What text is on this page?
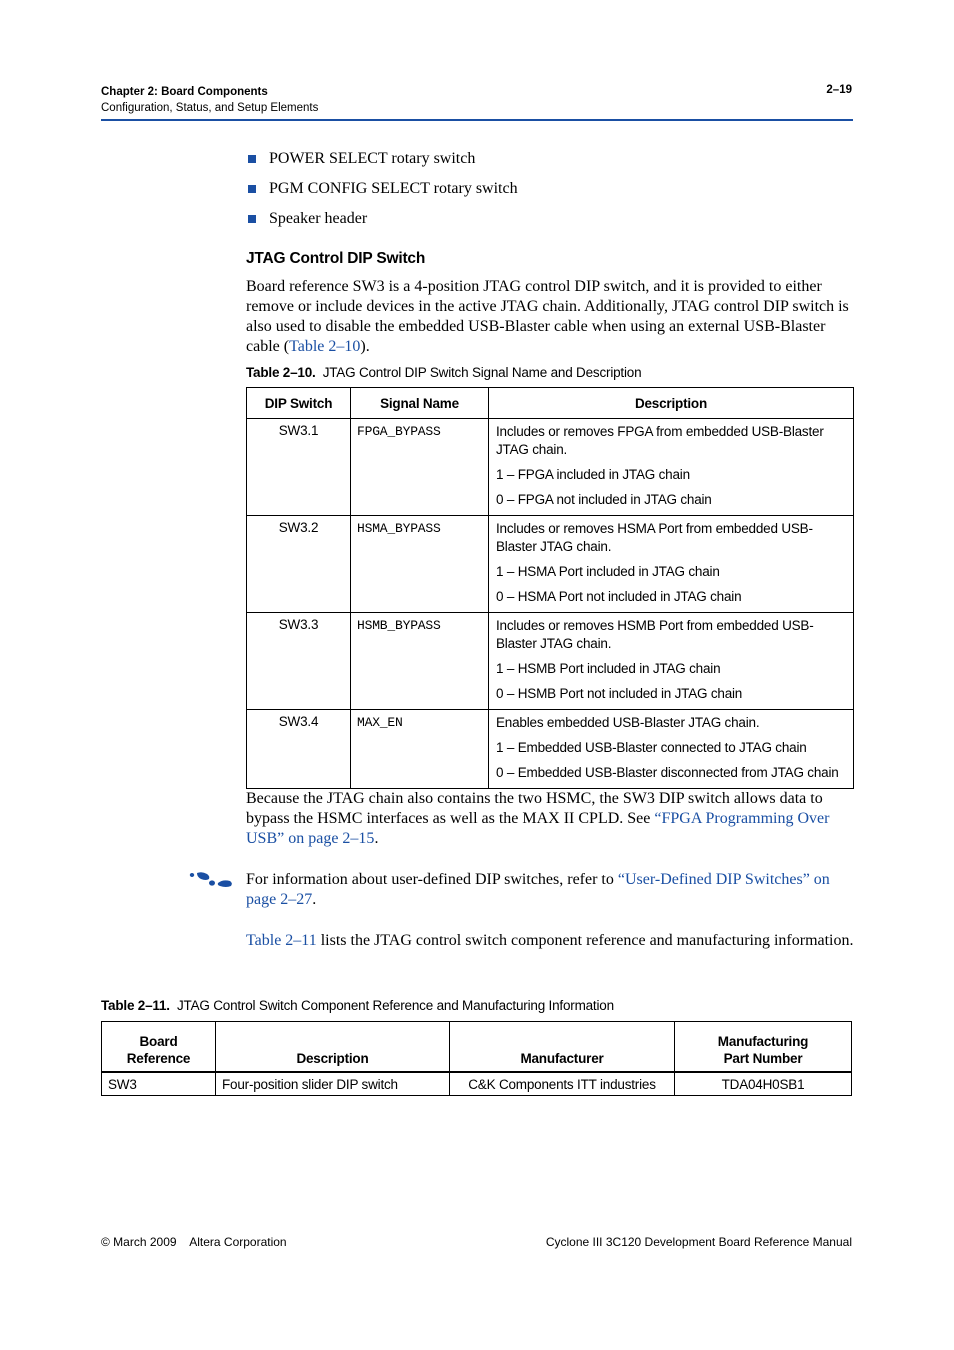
Chapter 2: Board Components
Configuration, Status, and Setup Elements
2–19
POWER SELECT rotary switch
PGM CONFIG SELECT rotary switch
Speaker header
JTAG Control DIP Switch

Board reference SW3 is a 4-position JTAG control DIP switch, and it is provided to either remove or include devices in the active JTAG chain. Additionally, JTAG control DIP switch is also used to disable the embedded USB-Blaster cable when using an external USB-Blaster cable (Table 2–10).

Table 2–10. JTAG Control DIP Switch Signal Name and Description
DIP Switch	Signal Name	Description
SW3.1	FPGA_BYPASS	Includes or removes FPGA from embedded USB-Blaster JTAG chain.

1 – FPGA included in JTAG chain

0 – FPGA not included in JTAG chain

SW3.2	HSMA_BYPASS	Includes or removes HSMA Port from embedded USB-Blaster JTAG chain.

1 – HSMA Port included in JTAG chain

0 – HSMA Port not included in JTAG chain

SW3.3	HSMB_BYPASS	Includes or removes HSMB Port from embedded USB-Blaster JTAG chain.

1 – HSMB Port included in JTAG chain

0 – HSMB Port not included in JTAG chain

SW3.4	MAX_EN	Enables embedded USB-Blaster JTAG chain.

1 – Embedded USB-Blaster connected to JTAG chain

0 – Embedded USB-Blaster disconnected from JTAG chain

Because the JTAG chain also contains the two HSMC, the SW3 DIP switch allows data to bypass the HSMC interfaces as well as the MAX II CPLD. See “FPGA Programming Over USB” on page 2–15.

For information about user-defined DIP switches, refer to “User-Defined DIP Switches” on page 2–27.

Table 2–11 lists the JTAG control switch component reference and manufacturing information.

Table 2–11. JTAG Control Switch Component Reference and Manufacturing Information
Board
Reference	Description	Manufacturer	Manufacturing
Part Number
SW3	Four-position slider DIP switch	C&K Components ITT industries	TDA04H0SB1
© March 2009    Altera Corporation	Cyclone III 3C120 Development Board Reference Manual
